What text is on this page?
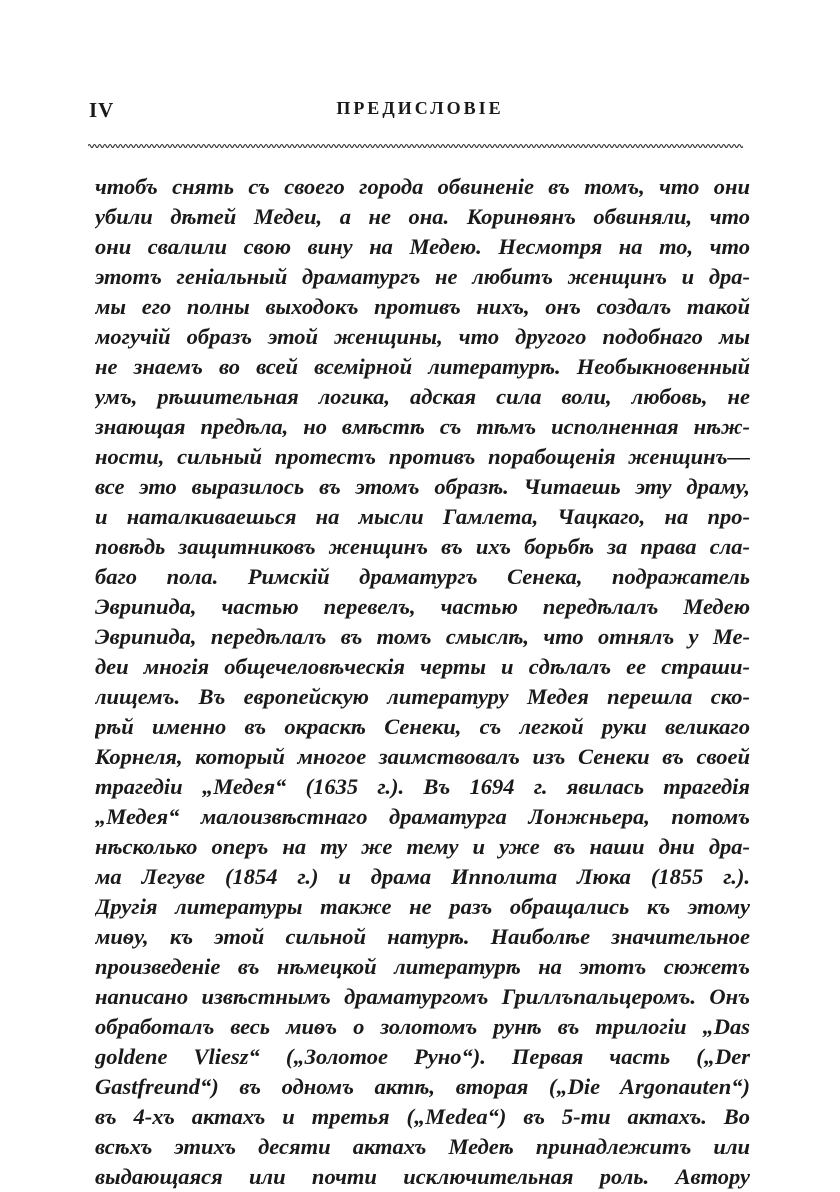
IV	ПРЕДИСЛОВІЕ
чтобъ снять съ своего города обвиненіе въ томъ, что они
убили дѣтей Медеи, а не она. Коринѳянъ обвиняли, что
они свалили свою вину на Медею. Несмотря на то, что
этотъ геніальный драматургъ не любитъ женщинъ и дра-
мы его полны выходокъ противъ нихъ, онъ создалъ такой
могучій образъ этой женщины, что другого подобнаго мы
не знаемъ во всей всемірной литературѣ. Необыкновенный
умъ, рѣшительная логика, адская сила воли, любовь, не
знающая предѣла, но вмѣстѣ съ тѣмъ исполненная нѣж-
ности, сильный протестъ противъ порабощенія женщинъ—
все это выразилось въ этомъ образѣ. Читаешь эту драму,
и наталкиваешься на мысли Гамлета, Чацкаго, на про-
повѣдь защитниковъ женщинъ въ ихъ борьбѣ за права сла-
баго пола. Римскій драматургъ Сенека, подражатель
Эврипида, частью перевелъ, частью передѣлалъ Медею
Эврипида, передѣлалъ въ томъ смыслѣ, что отнялъ у Ме-
деи многія общечеловѣческія черты и сдѣлалъ ее страши-
лищемъ. Въ европейскую литературу Медея перешла ско-
рѣй именно въ окраскѣ Сенеки, съ легкой руки великаго
Корнеля, который многое заимствовалъ изъ Сенеки въ своей
трагедіи „Медея“ (1635 г.). Въ 1694 г. явилась трагедія
„Медея“ малоизвѣстнаго драматурга Лонжньера, потомъ
нѣсколько оперъ на ту же тему и уже въ наши дни дра-
ма Легуве (1854 г.) и драма Ипполита Люка (1855 г.).
Другія литературы также не разъ обращались къ этому
миѳу, къ этой сильной натурѣ. Наиболѣе значительное
произведеніе въ нѣмецкой литературѣ на этотъ сюжетъ
написано извѣстнымъ драматургомъ Гриллъпальцеромъ. Онъ
обработалъ весь миѳъ о золотомъ рунѣ въ трилогіи „Das
goldene Vliesz“ („Золотое Руно“). Первая часть („Der
Gastfreund“) въ одномъ актѣ, вторая („Die Argonauten“)
въ 4-хъ актахъ и третья („Medea“) въ 5-ти актахъ. Во
всѣхъ этихъ десяти актахъ Медеѣ принадлежитъ или
выдающаяся или почти исключительная роль. Автору
